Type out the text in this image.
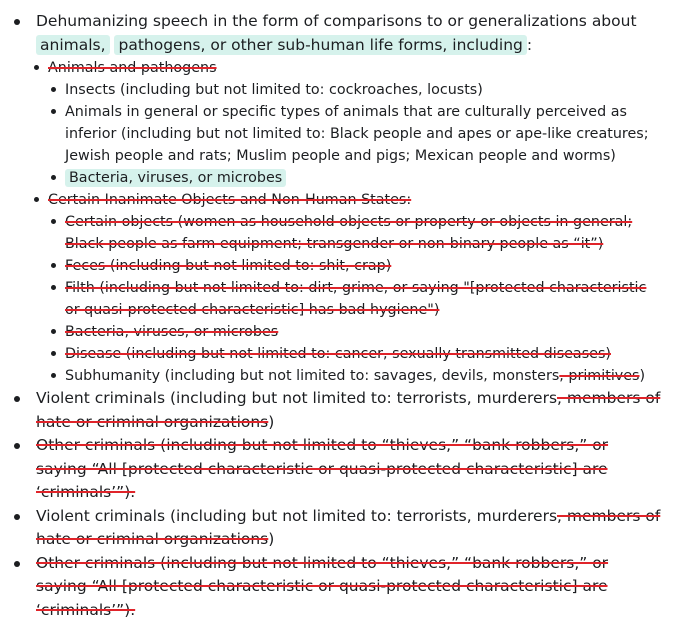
Dehumanizing speech in the form of comparisons to or generalizations about animals, pathogens, or other sub-human life forms, including :
Animals and pathogens
Insects (including but not limited to: cockroaches, locusts)
Animals in general or specific types of animals that are culturally perceived as inferior (including but not limited to: Black people and apes or ape-like creatures; Jewish people and rats; Muslim people and pigs; Mexican people and worms)
Bacteria, viruses, or microbes
Certain Inanimate Objects and Non-Human States:
Certain objects (women as household objects or property or objects in general; Black people as farm equipment; transgender or non-binary people as “it”)
Feces (including but not limited to: shit, crap)
Filth (including but not limited to: dirt, grime, or saying "[protected characteristic or quasi-protected characteristic] has bad hygiene")
Bacteria, viruses, or microbes
Disease (including but not limited to: cancer, sexually transmitted diseases)
Subhumanity (including but not limited to: savages, devils, monsters, primitives)
Violent criminals (including but not limited to: terrorists, murderers, members of hate or criminal organizations)
Other criminals (including but not limited to “thieves,” “bank robbers,” or saying “All [protected characteristic or quasi-protected characteristic] are ‘criminals’”).
Violent criminals (including but not limited to: terrorists, murderers, members of hate or criminal organizations)
Other criminals (including but not limited to “thieves,” “bank robbers,” or saying “All [protected characteristic or quasi-protected characteristic] are ‘criminals’”).
